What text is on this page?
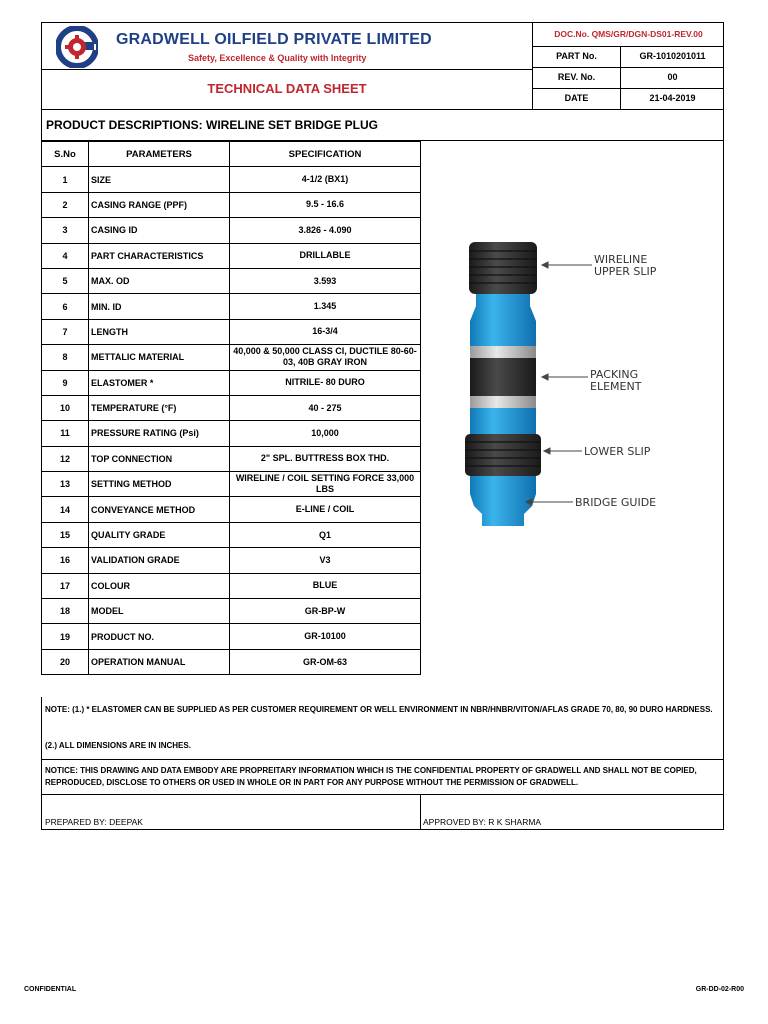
GRADWELL OILFIELD PRIVATE LIMITED
Safety, Excellence & Quality with Integrity
TECHNICAL DATA SHEET
DOC.No. QMS/GR/DGN-DS01-REV.00
PART No.	GR-1010201011
REV. No.	00
DATE	21-04-2019
PRODUCT DESCRIPTIONS: WIRELINE SET BRIDGE PLUG
S.No	PARAMETERS	SPECIFICATION
1	SIZE	4-1/2 (BX1)
2	CASING RANGE (PPF)	9.5 - 16.6
3	CASING ID	3.826 - 4.090
4	PART CHARACTERISTICS	DRILLABLE
5	MAX. OD	3.593
6	MIN. ID	1.345
7	LENGTH	16-3/4
8	METTALIC MATERIAL	40,000 & 50,000 CLASS CI, DUCTILE 80-60-03, 40B GRAY IRON
9	ELASTOMER *	NITRILE- 80 DURO
10	TEMPERATURE (°F)	40 - 275
11	PRESSURE RATING (Psi)	10,000
12	TOP CONNECTION	2" SPL. BUTTRESS BOX THD.
13	SETTING METHOD	WIRELINE / COIL SETTING FORCE 33,000 LBS
14	CONVEYANCE METHOD	E-LINE / COIL
15	QUALITY GRADE	Q1
16	VALIDATION GRADE	V3
17	COLOUR	BLUE
18	MODEL	GR-BP-W
19	PRODUCT NO.	GR-10100
20	OPERATION MANUAL	GR-OM-63
WIRELINE
UPPER SLIP
PACKING
ELEMENT
LOWER SLIP
BRIDGE GUIDE
NOTE: (1.) * ELASTOMER CAN BE SUPPLIED AS PER CUSTOMER REQUIREMENT OR WELL ENVIRONMENT IN NBR/HNBR/VITON/AFLAS GRADE 70, 80, 90 DURO HARDNESS.
(2.) ALL DIMENSIONS ARE IN INCHES.
NOTICE: THIS DRAWING AND DATA EMBODY ARE PROPREITARY INFORMATION WHICH IS THE CONFIDENTIAL PROPERTY OF GRADWELL AND SHALL NOT BE COPIED, REPRODUCED, DISCLOSE TO OTHERS OR USED IN WHOLE OR IN PART FOR ANY PURPOSE WITHOUT THE PERMISSION OF GRADWELL.
PREPARED BY: DEEPAK	APPROVED BY: R K SHARMA
CONFIDENTIAL	GR-DD-02-R00
